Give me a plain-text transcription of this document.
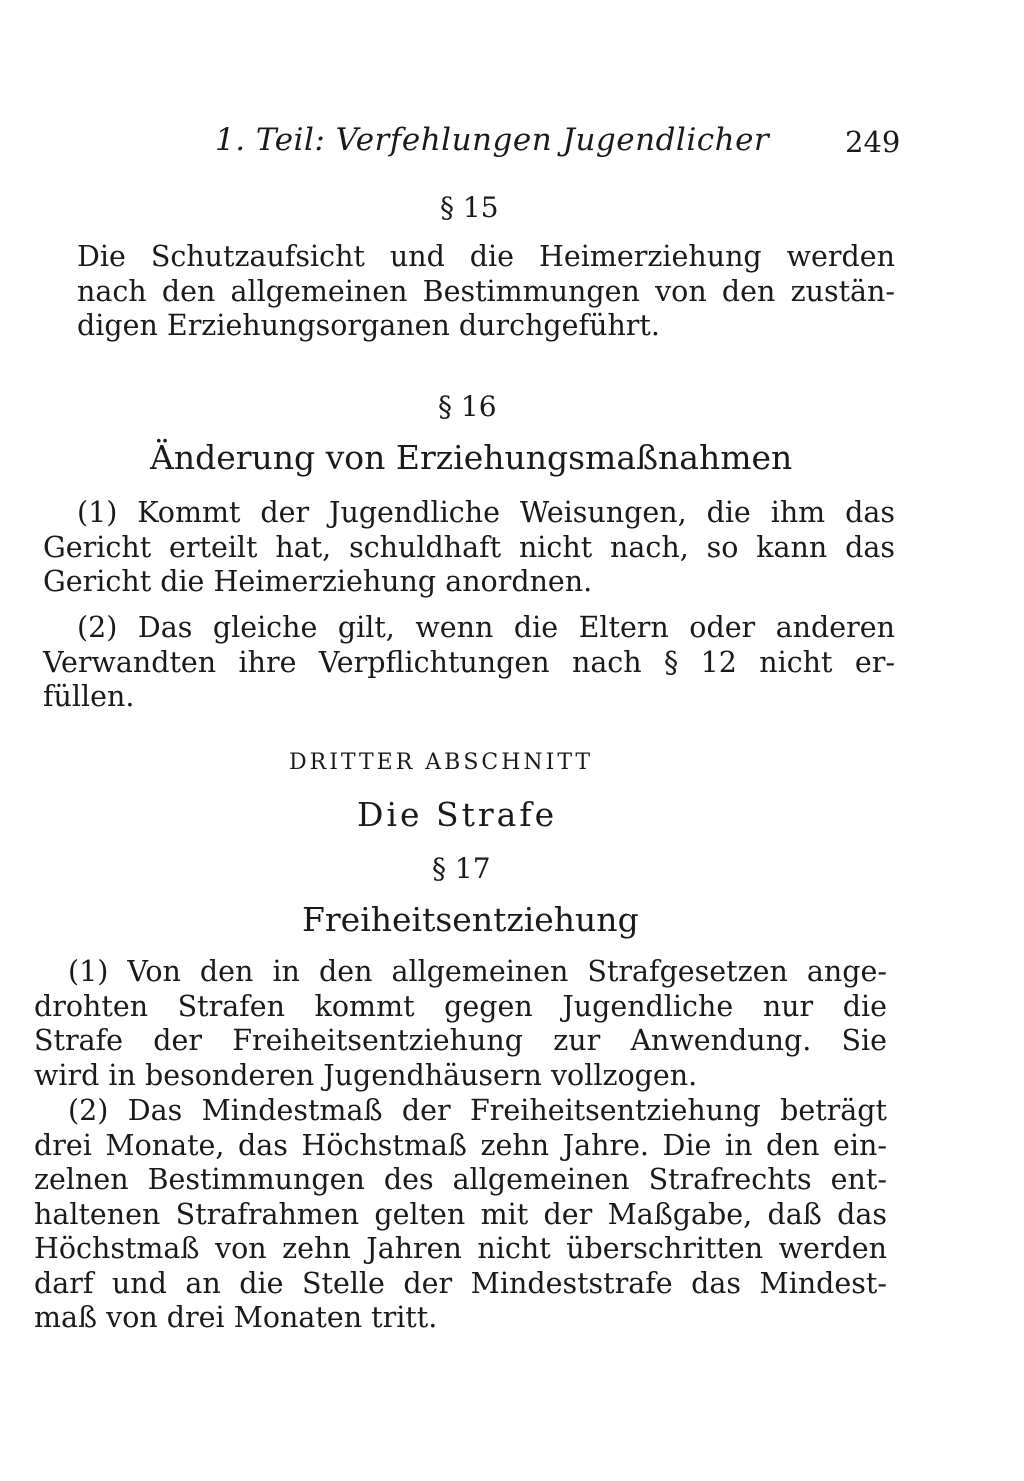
1. Teil: Verfehlungen Jugendlicher	249
§ 15
Die Schutzaufsicht und die Heimerziehung werden
nach den allgemeinen Bestimmungen von den zustän-
digen Erziehungsorganen durchgeführt.
§ 16
Änderung von Erziehungsmaßnahmen
(1) Kommt der Jugendliche Weisungen, die ihm das
Gericht erteilt hat, schuldhaft nicht nach, so kann das
Gericht die Heimerziehung anordnen.
(2) Das gleiche gilt, wenn die Eltern oder anderen
Verwandten ihre Verpflichtungen nach § 12 nicht er-
füllen.
DRITTER ABSCHNITT
Die Strafe
§ 17
Freiheitsentziehung
(1) Von den in den allgemeinen Strafgesetzen ange-
drohten Strafen kommt gegen Jugendliche nur die
Strafe der Freiheitsentziehung zur Anwendung. Sie
wird in besonderen Jugendhäusern vollzogen.
(2) Das Mindestmaß der Freiheitsentziehung beträgt
drei Monate, das Höchstmaß zehn Jahre. Die in den ein-
zelnen Bestimmungen des allgemeinen Strafrechts ent-
haltenen Strafrahmen gelten mit der Maßgabe, daß das
Höchstmaß von zehn Jahren nicht überschritten werden
darf und an die Stelle der Mindeststrafe das Mindest-
maß von drei Monaten tritt.
